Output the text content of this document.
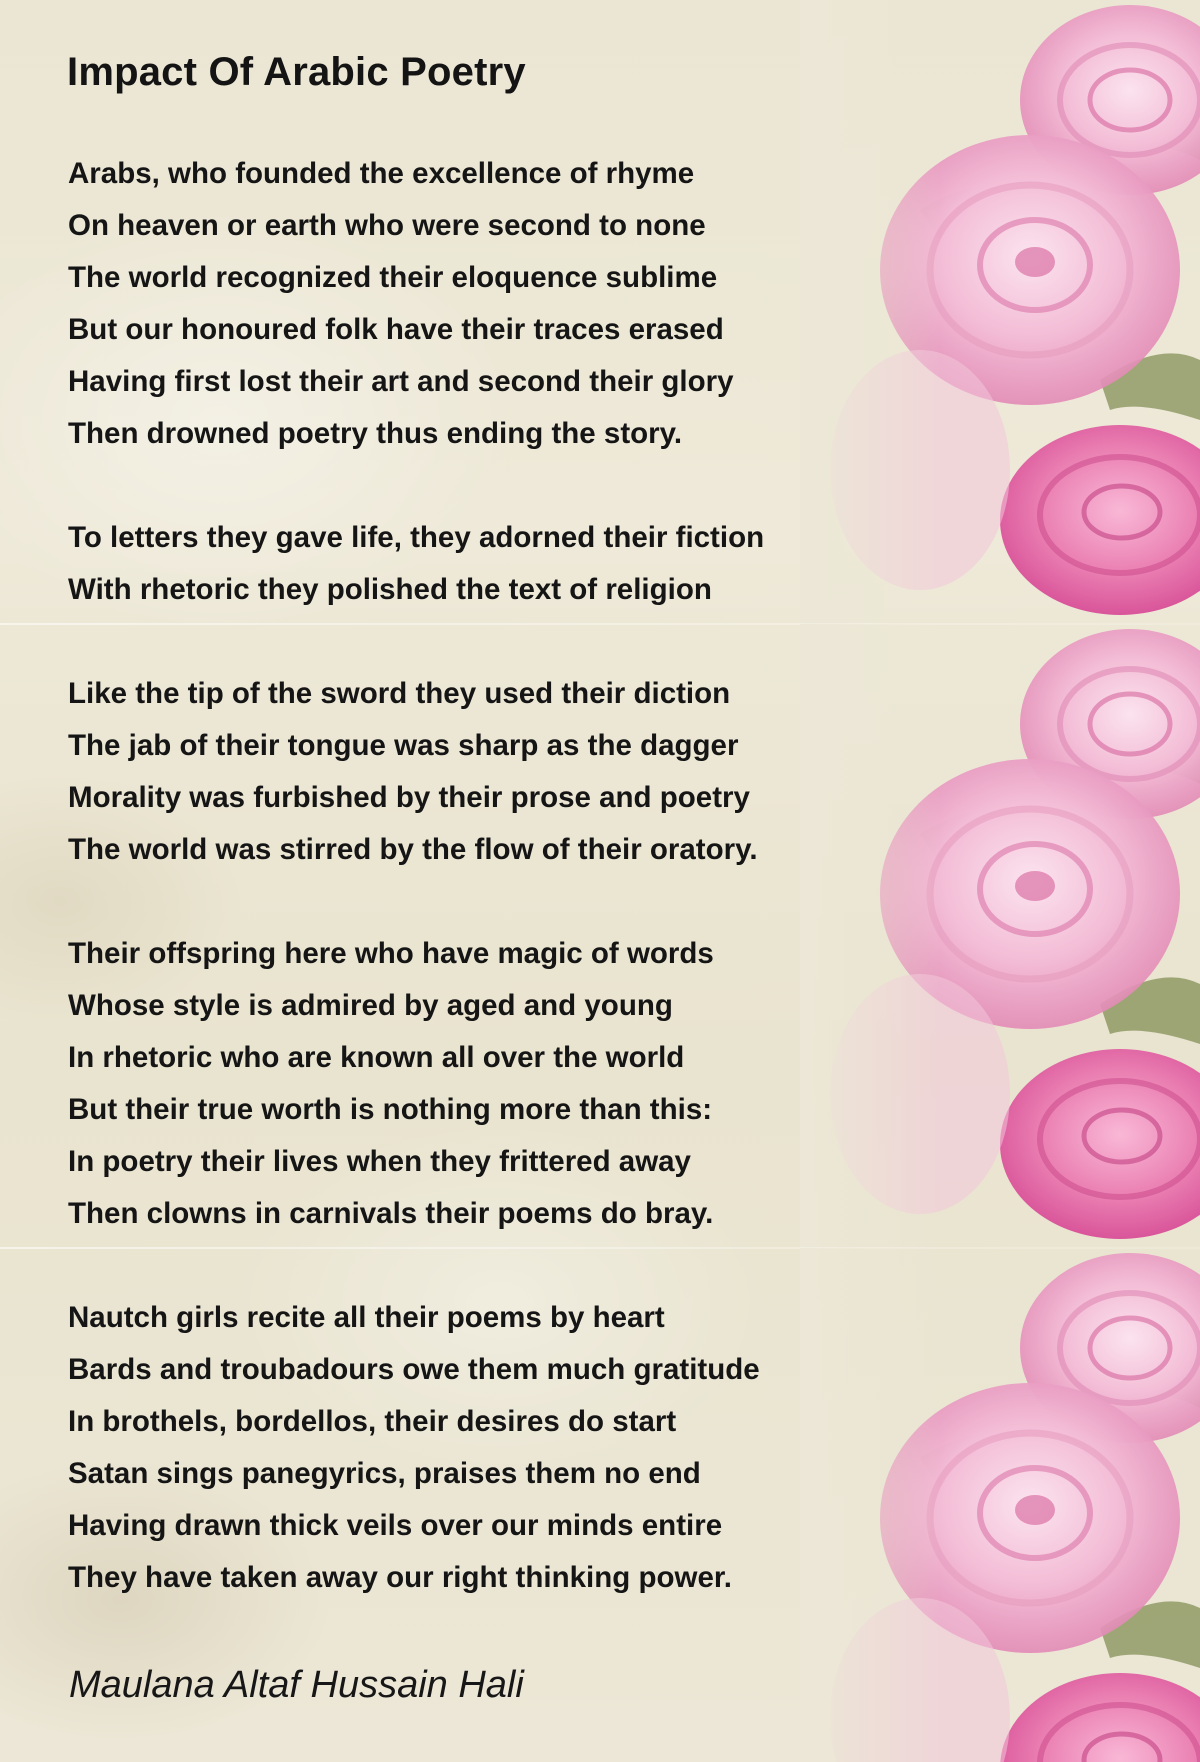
Impact Of Arabic Poetry
Arabs, who founded the excellence of rhyme
On heaven or earth who were second to none
The world recognized their eloquence sublime
But our honoured folk have their traces erased
Having first lost their art and second their glory
Then drowned poetry thus ending the story.
To letters they gave life, they adorned their fiction
With rhetoric they polished the text of religion
Like the tip of the sword they used their diction
The jab of their tongue was sharp as the dagger
Morality was furbished by their prose and poetry
The world was stirred by the flow of their oratory.
Their offspring here who have magic of words
Whose style is admired by aged and young
In rhetoric who are known all over the world
But their true worth is nothing more than this:
In poetry their lives when they frittered away
Then clowns in carnivals their poems do bray.
Nautch girls recite all their poems by heart
Bards and troubadours owe them much gratitude
In brothels, bordellos, their desires do start
Satan sings panegyrics, praises them no end
Having drawn thick veils over our minds entire
They have taken away our right thinking power.
Maulana Altaf Hussain Hali
